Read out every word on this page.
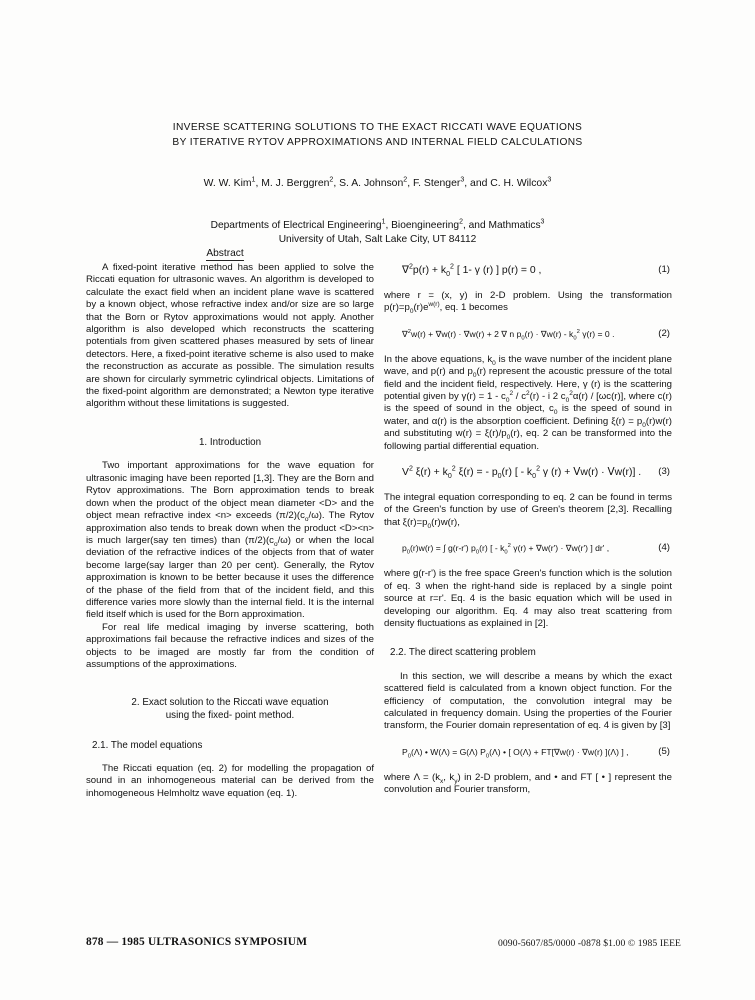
INVERSE SCATTERING SOLUTIONS TO THE EXACT RICCATI WAVE EQUATIONS
BY ITERATIVE RYTOV APPROXIMATIONS AND INTERNAL FIELD CALCULATIONS
W. W. Kim$^1$, M. J. Berggren$^2$, S. A. Johnson$^2$, F. Stenger$^3$, and C. H. Wilcox$^3$
Departments of Electrical Engineering$^1$, Bioengineering$^2$, and Mathmatics$^3$
University of Utah, Salt Lake City, UT 84112
Abstract

A fixed-point iterative method has been applied to solve the Riccati equation for ultrasonic waves. An algorithm is developed to calculate the exact field when an incident plane wave is scattered by a known object, whose refractive index and/or size are so large that the Born or Rytov approximations would not apply. Another algorithm is also developed which reconstructs the scattering potentials from given scattered phases measured by sets of linear detectors. Here, a fixed-point iterative scheme is also used to make the reconstruction as accurate as possible. The simulation results are shown for circularly symmetric cylindrical objects. Limitations of the fixed-point algorithm are demonstrated; a Newton type iterative algorithm without these limitations is suggested.

1. Introduction

Two important approximations for the wave equation for ultrasonic imaging have been reported [1,3]. They are the Born and Rytov approximations. The Born approximation tends to break down when the product of the object mean diameter <D> and the object mean refractive index <n> exceeds $(\pi/2)(c_o/\omega)$. The Rytov approximation also tends to break down when the product <D><n> is much larger(say ten times) than $(\pi/2)(c_o/\omega)$ or when the local deviation of the refractive indices of the objects from that of water become large(say larger than 20 per cent). Generally, the Rytov approximation is known to be better because it uses the difference of the phase of the field from that of the incident field, and this difference varies more slowly than the internal field. It is the internal field itself which is used for the Born approximation.

For real life medical imaging by inverse scattering, both approximations fail because the refractive indices and sizes of the objects to be imaged are mostly far from the condition of assumptions of the approximations.

2. Exact solution to the Riccati wave equation

using the fixed- point method.

2.1. The model equations

The Riccati equation (eq. 2) for modelling the propagation of sound in an inhomogeneous material can be derived from the inhomogeneous Helmholtz wave equation (eq. 1).

$\nabla^2p(r) + k_0^2$ [ 1- γ (r) ] p(r) = 0 ,	(1)

where r = (x, y) in 2-D problem. Using the transformation $p(r)=p_0(r)e^{w(r)}$, eq. 1 becomes

∇$^2$w(r) + ∇w(r) · ∇w(r) + 2 ∇ n $p_0(r) \cdot \nabla w(r) - k_0^2$ γ(r) = 0 .	(2)

In the above equations, $k_0$ is the wave number of the incident plane wave, and p(r) and $p_0(r)$ represent the acoustic pressure of the total field and the incident field, respectively. Here, γ (r) is the scattering potential given by $\gamma(r) = 1 - c_0^2 / c^2(r) - i$ 2 $c_0^2\alpha(r) / [\omega c(r)]$, where c(r) is the speed of sound in the object, $c_0$ is the speed of sound in water, and α(r) is the absorption coefficient. Defining $\xi(r) = p_0(r)w(r)$ and substituting $w(r) = \xi(r)/p_0(r)$, eq. 2 can be transformed into the following partial differential equation.

$V^2$ $\xi(r) + k_0^2$ ξ(r) = - $p_0(r)$ [ - $k_0^2$ γ (r) + Vw(r) · Vw(r)] . (3)

The integral equation corresponding to eq. 2 can be found in terms of the Green's function by use of Green's theorem [2,3]. Recalling that $\xi(r)=p_0(r)w(r)$,

$p_0(r)w(r)$ = ∫ g(r-r') $p_0(r)$ [ - $k_0^2$ γ(r) + ∇w(r') · ∇w(r') ] dr' ,	(4)

where g(r-r') is the free space Green's function which is the solution of eq. 3 when the right-hand side is replaced by a single point source at r=r'. Eq. 4 is the basic equation which will be used in developing our algorithm. Eq. 4 may also treat scattering from density fluctuations as explained in [2].

2.2. The direct scattering problem

In this section, we will describe a means by which the exact scattered field is calculated from a known object function. For the efficiency of computation, the convolution integral may be calculated in frequency domain. Using the properties of the Fourier transform, the Fourier domain representation of eq. 4 is given by [3]

$P_0(\Lambda)$ • W(Λ) = G(Λ) $P_0(\Lambda)$ • [ O(Λ) + FT[∇w(r) · ∇w(r) ](Λ) ] ,	(5)

where $\Lambda = (k_x$, $k_y$) in 2-D problem, and • and FT [ • ] represent the convolution and Fourier transform,

878 — 1985 ULTRASONICS SYMPOSIUM	0090-5607/85/0000 -0878 $1.00 © 1985 IEEE
